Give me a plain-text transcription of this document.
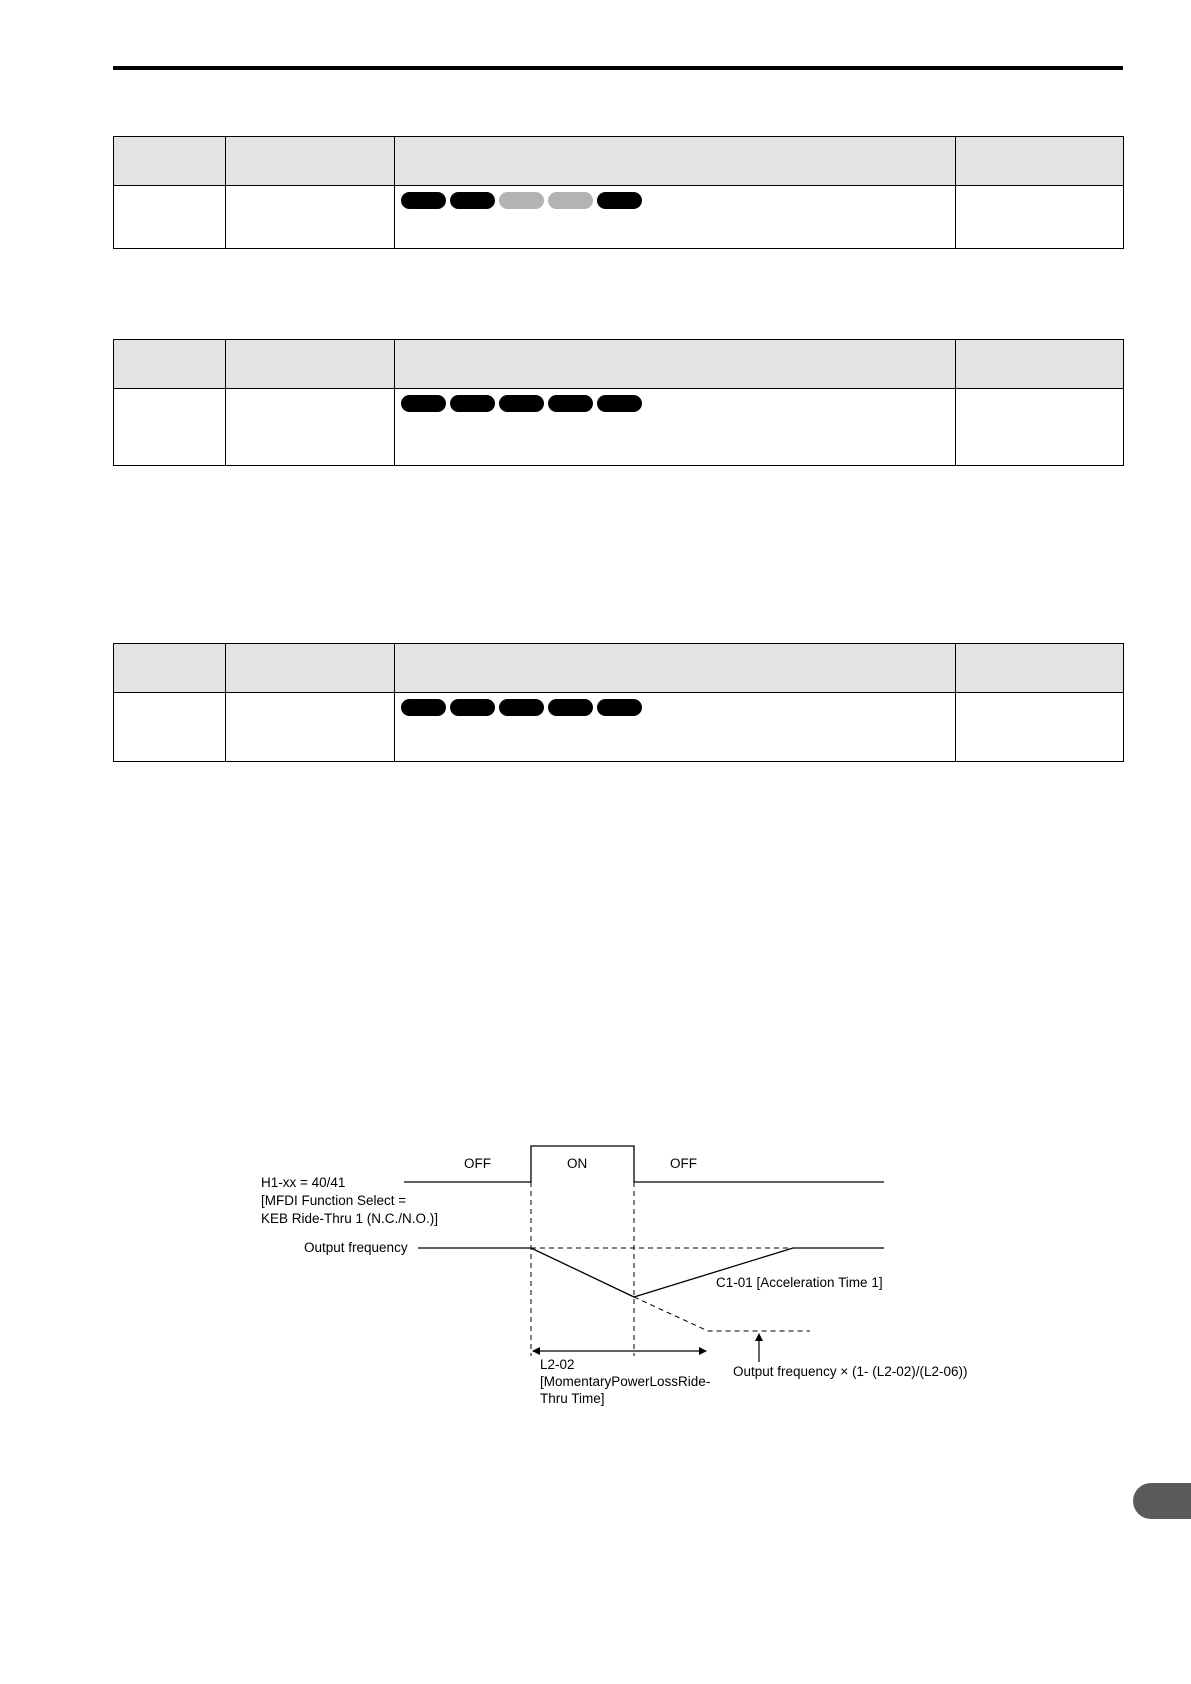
OFF	ON	OFF
H1-xx = 40/41 [MFDI Function Select = KEB Ride-Thru 1 (N.C./N.O.)]
Output frequency
C1-01 [Acceleration Time 1]
L2-02 [MomentaryPowerLossRide- Thru Time]
Output frequency × (1- (L2-02)/(L2-06))
